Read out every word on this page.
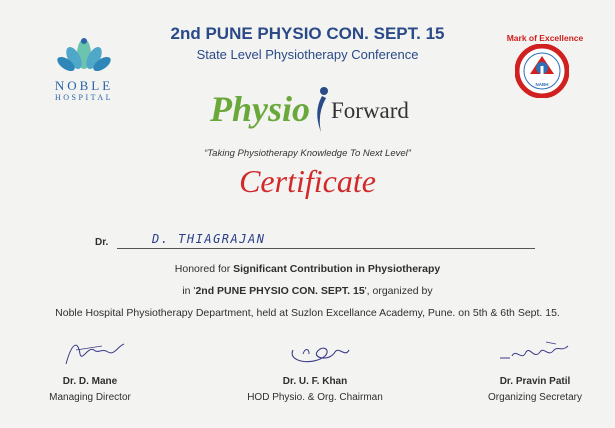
NOBLE
HOSPITAL
Mark of Excellence
NABH
2nd PUNE PHYSIO CON. SEPT. 15
State Level Physiotherapy Conference
Physio Forward
“Taking Physiotherapy Knowledge To Next Level”
Certificate
Dr.	D. THIAGRAJAN
Honored for Significant Contribution in Physiotherapy
in '2nd PUNE PHYSIO CON. SEPT. 15', organized by
Noble Hospital Physiotherapy Department, held at Suzlon Excellance Academy, Pune. on 5th & 6th Sept. 15.
Dr. D. Mane
Managing Director
Dr. U. F. Khan
HOD Physio. & Org. Chairman
Dr. Pravin Patil
Organizing Secretary
